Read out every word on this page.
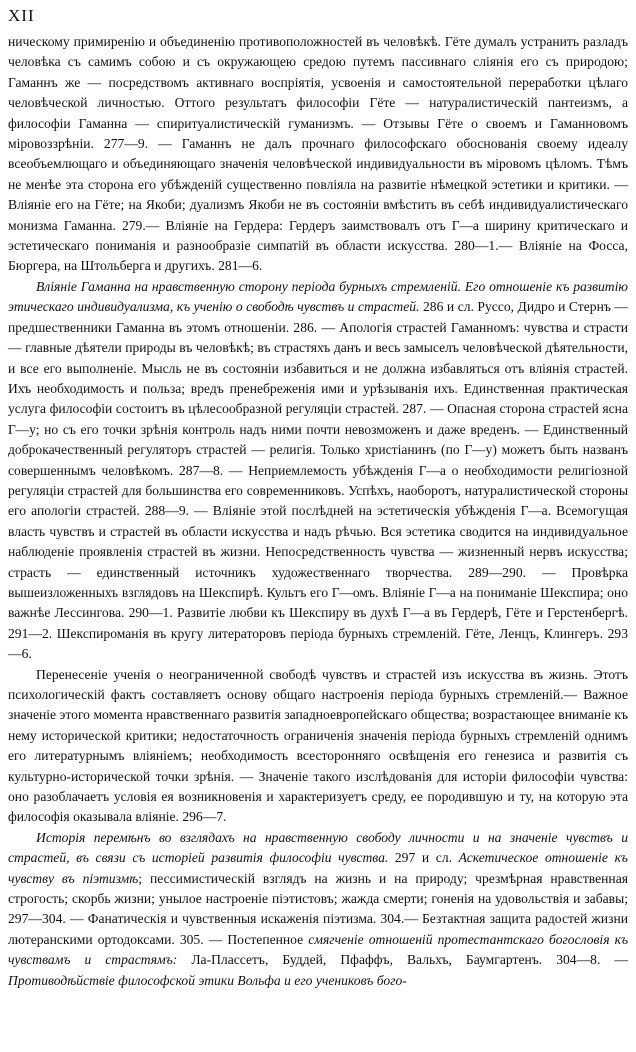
XII

ническому примиренію и объединенію противоположностей въ человѣкѣ. Гёте думалъ устранить разладъ человѣка съ самимъ собою и съ окружающею средою путемъ пассивнаго слiянiя его съ природою; Гаманнъ же — посредствомъ активнаго воспріятія, усвоенія и самостоятельной переработки цѣлаго человѣческой личностью. Оттого результатъ философіи Гёте — натуралистическій пантеизмъ, а философіи Гаманна — спиритуалистическій гуманизмъ. — Отзывы Гёте о своемъ и Гаманновомъ міровоззрѣніи. 277—9. — Гаманнъ не далъ прочнаго философскаго обоснованія своему идеалу всеобъемлющаго и объединяющаго значенія человѣческой индивидуальности въ міровомъ цѣломъ. Тѣмъ не менѣе эта сторона его убѣжденій существенно повліяла на развитіе нѣмецкой эстетики и критики. — Вліяніе его на Гёте; на Якоби; дуализмъ Якоби не въ состояніи вмѣстить въ себѣ индивидуалистическаго монизма Гаманна. 279.— Вліяніе на Гердера: Гердеръ заимствовалъ отъ Г—а ширину критическаго и эстетическаго пониманія и разнообразіе симпатій въ области искусства. 280—1.— Вліяніе на Фосса, Бюргера, на Штольберга и другихъ. 281—6.

Вліяніе Гаманна на нравственную сторону періода бурныхъ стремленій. Его отношеніе къ развитію этическаго индивидуализма, къ ученію о свободѣ чувствъ и страстей. 286 и сл. Руссо, Дидро и Стернъ — предшественники Гаманна въ этомъ отношеніи. 286. — Апологія страстей Гаманномъ: чувства и страсти — главные дѣятели природы въ человѣкѣ; въ страстяхъ данъ и весь замыселъ человѣческой дѣятельности, и все его выполненіе. Мысль не въ состояніи избавиться и не должна избавляться отъ вліянія страстей. Ихъ необходимость и польза; вредъ пренебреженія ими и урѣзыванія ихъ. Единственная практическая услуга философіи состоитъ въ цѣлесообразной регуляціи страстей. 287. — Опасная сторона страстей ясна Г—у; но съ его точки зрѣнія контроль надъ ними почти невозможенъ и даже вреденъ. — Единственный доброкачественный регуляторъ страстей — религія. Только христіанинъ (по Г—у) можетъ быть названъ совершеннымъ человѣкомъ. 287—8. — Неприемлемость убѣжденія Г—а о необходимости религіозной регуляціи страстей для большинства его современниковъ. Успѣхъ, наоборотъ, натуралистической стороны его апологіи страстей. 288—9. — Вліяніе этой послѣдней на эстетическія убѣжденія Г—а. Всемогущая власть чувствъ и страстей въ области искусства и надъ рѣчью. Вся эстетика сводится на индивидуальное наблюденіе проявленія страстей въ жизни. Непосредственность чувства — жизненный нервъ искусства; страсть — единственный источникъ художественнаго творчества. 289—290. — Провѣрка вышеизложенныхъ взглядовъ на Шекспирѣ. Культъ его Г—омъ. Вліяніе Г—а на пониманіе Шекспира; оно важнѣе Лессингова. 290—1. Развитіе любви къ Шекспиру въ духѣ Г—а въ Гердерѣ, Гёте и Герстенбергѣ. 291—2. Шекспироманія въ кругу литераторовъ періода бурныхъ стремленій. Гёте, Ленцъ, Клингеръ. 293—6.

Перенесеніе ученія о неограниченной свободѣ чувствъ и страстей изъ искусства въ жизнь. Этотъ психологическій фактъ составляетъ основу общаго настроенія періода бурныхъ стремленій.— Важное значеніе этого момента нравственнаго развитія западноевропейскаго общества; возрастающее вниманіе къ нему исторической критики; недостаточность ограниченія значенія періода бурныхъ стремленій однимъ его литературнымъ вліяніемъ; необходимость всесторонняго освѣщенія его генезиса и развитія съ культурно-исторической точки зрѣнія. — Значеніе такого изслѣдованія для исторіи философіи чувства: оно разоблачаетъ условія ея возникновенія и характеризуетъ среду, ее породившую и ту, на которую эта философія оказывала вліяніе. 296—7.

Исторія перемѣнъ во взглядахъ на нравственную свободу личности и на значеніе чувствъ и страстей, въ связи съ исторіей развитія философіи чувства. 297 и сл. Аскетическое отношеніе къ чувству въ піэтизмѣ; пессимистическій взглядъ на жизнь и на природу; чрезмѣрная нравственная строгость; скорбь жизни; унылое настроеніе піэтистовъ; жажда смерти; гоненія на удовольствія и забавы; 297—304. — Фанатическія и чувственныя искаженія піэтизма. 304.— Безтактная защита радостей жизни лютеранскими ортодоксами. 305. — Постепенное смягченіе отношеній протестантскаго богословія къ чувствамъ и страстямъ: Ла-Плассетъ, Буддей, Пфаффъ, Вальхъ, Баумгартенъ. 304—8. — Противодѣйствіе философской этики Вольфа и его учениковъ бого-
